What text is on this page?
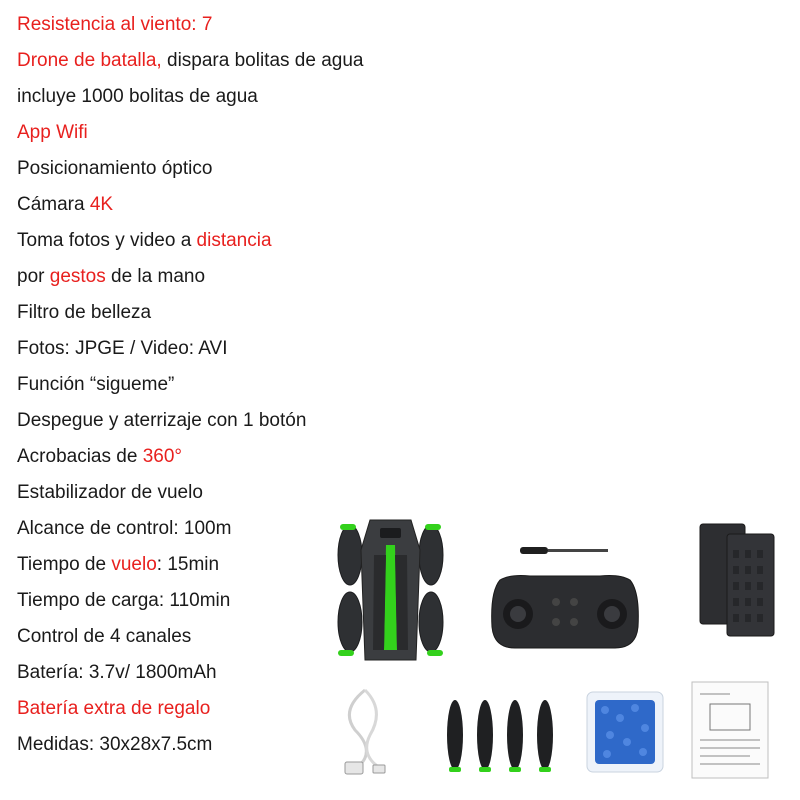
Resistencia al viento: 7
Drone de batalla, dispara bolitas de agua
incluye 1000 bolitas de agua
App Wifi
Posicionamiento óptico
Cámara 4K
Toma fotos y video a distancia
por gestos de la mano
Filtro de belleza
Fotos: JPGE / Video: AVI
Función “sigueme”
Despegue y aterrizaje con 1 botón
Acrobacias de 360°
Estabilizador de vuelo
Alcance de control: 100m
Tiempo de vuelo: 15min
Tiempo de carga: 110min
Control de 4 canales
Batería: 3.7v/ 1800mAh
Batería extra de regalo
Medidas: 30x28x7.5cm
